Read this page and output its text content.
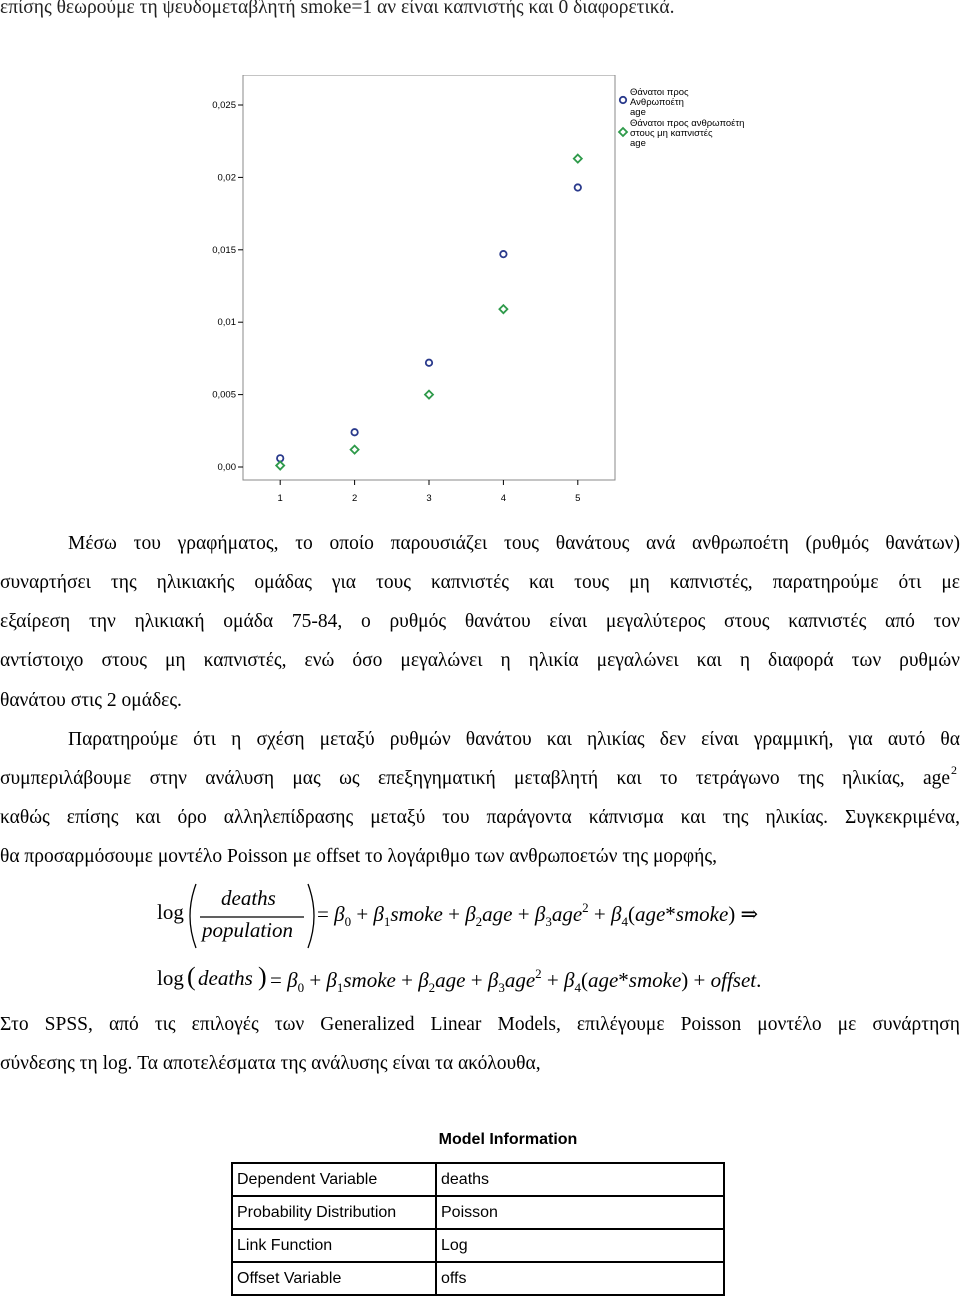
επίσης θεωρούμε τη ψευδομεταβλητή smoke=1 αν είναι καπνιστής και 0 διαφορετικά.
0,00
0,005
0,01
0,015
0,02
0,025
1	2	3	4	5
Θάνατοι προς
Ανθρωποέτη
age
Θάνατοι προς ανθρωποέτη
στους μη καπνιστές
age
Μέσω του γραφήματος, το οποίο παρουσιάζει τους θανάτους ανά ανθρωποέτη (ρυθμός θανάτων)
συναρτήσει της ηλικιακής ομάδας για τους καπνιστές και τους μη καπνιστές, παρατηρούμε ότι με
εξαίρεση την ηλικιακή ομάδα 75-84, ο ρυθμός θανάτου είναι μεγαλύτερος στους καπνιστές από τον
αντίστοιχο στους μη καπνιστές, ενώ όσο μεγαλώνει η ηλικία μεγαλώνει και η διαφορά των ρυθμών
θανάτου στις 2 ομάδες.
Παρατηρούμε ότι η σχέση μεταξύ ρυθμών θανάτου και ηλικίας δεν είναι γραμμική, για αυτό θα
συμπεριλάβουμε στην ανάλυση μας ως επεξηγηματική μεταβλητή και το τετράγωνο της ηλικίας, age 2
καθώς επίσης και όρο αλληλεπίδρασης μεταξύ του παράγοντα κάπνισμα και της ηλικίας. Συγκεκριμένα,
θα προσαρμόσουμε μοντέλο Poisson με offset το λογάριθμο των ανθρωποετών της μορφής,
log
deaths
population
= $\beta_0$ + $\beta_1smoke + \beta_2age + \beta_3age^2$ + $\beta_4(age*smoke)$ ⇒
log ( deaths ) = $\beta_0$ + $\beta_1smoke + \beta_2age + \beta_3age^2$ + $\beta_4(age*smoke)$ + offset.
Στο SPSS, από τις επιλογές των Generalized Linear Models, επιλέγουμε Poisson μοντέλο με συνάρτηση
σύνδεσης τη log. Τα αποτελέσματα της ανάλυσης είναι τα ακόλουθα,
Model Information
Dependent Variable	deaths
Probability Distribution	Poisson
Link Function	Log
Offset Variable	offs
